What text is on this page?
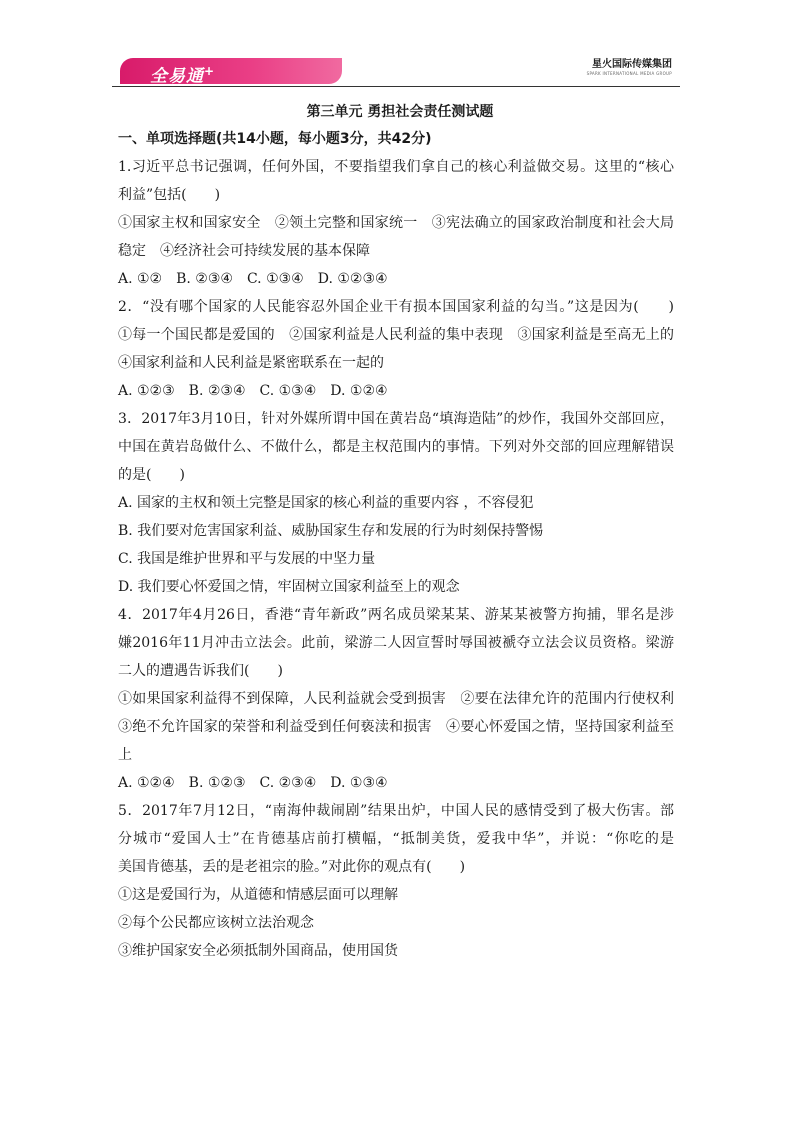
全易通+	星火国际传媒集团
SPARK INTERNATIONAL MEDIA GROUP
第三单元 勇担社会责任测试题
一、单项选择题(共14小题，每小题3分，共42分)
1.习近平总书记强调，任何外国，不要指望我们拿自己的核心利益做交易。这里的“核心
利益”包括(　　)
①国家主权和国家安全　②领土完整和国家统一　③宪法确立的国家政治制度和社会大局
稳定　④经济社会可持续发展的基本保障
A. ①②　B. ②③④　C. ①③④　D. ①②③④
2．“没有哪个国家的人民能容忍外国企业干有损本国国家利益的勾当。”这是因为(　　)
①每一个国民都是爱国的　②国家利益是人民利益的集中表现　③国家利益是至高无上的
④国家利益和人民利益是紧密联系在一起的
A. ①②③　B. ②③④　C. ①③④　D. ①②④
3．2017年3月10日，针对外媒所谓中国在黄岩岛“填海造陆”的炒作，我国外交部回应，
中国在黄岩岛做什么、不做什么，都是主权范围内的事情。下列对外交部的回应理解错误
的是(　　)
A. 国家的主权和领土完整是国家的核心利益的重要内容 ，不容侵犯
B. 我们要对危害国家利益、威胁国家生存和发展的行为时刻保持警惕
C. 我国是维护世界和平与发展的中坚力量
D. 我们要心怀爱国之情，牢固树立国家利益至上的观念
4．2017年4月26日，香港“青年新政”两名成员梁某某、游某某被警方拘捕，罪名是涉
嫌2016年11月冲击立法会。此前，梁游二人因宣誓时辱国被褫夺立法会议员资格。梁游
二人的遭遇告诉我们(　　)
①如果国家利益得不到保障，人民利益就会受到损害　②要在法律允许的范围内行使权利
③绝不允许国家的荣誉和利益受到任何亵渎和损害　④要心怀爱国之情，坚持国家利益至
上
A. ①②④　B. ①②③　C. ②③④　D. ①③④
5．2017年7月12日，“南海仲裁闹剧”结果出炉，中国人民的感情受到了极大伤害。部
分城市“爱国人士”在肯德基店前打横幅，“抵制美货，爱我中华”，并说：“你吃的是
美国肯德基，丢的是老祖宗的脸。”对此你的观点有(　　)
①这是爱国行为，从道德和情感层面可以理解
②每个公民都应该树立法治观念
③维护国家安全必须抵制外国商品，使用国货
